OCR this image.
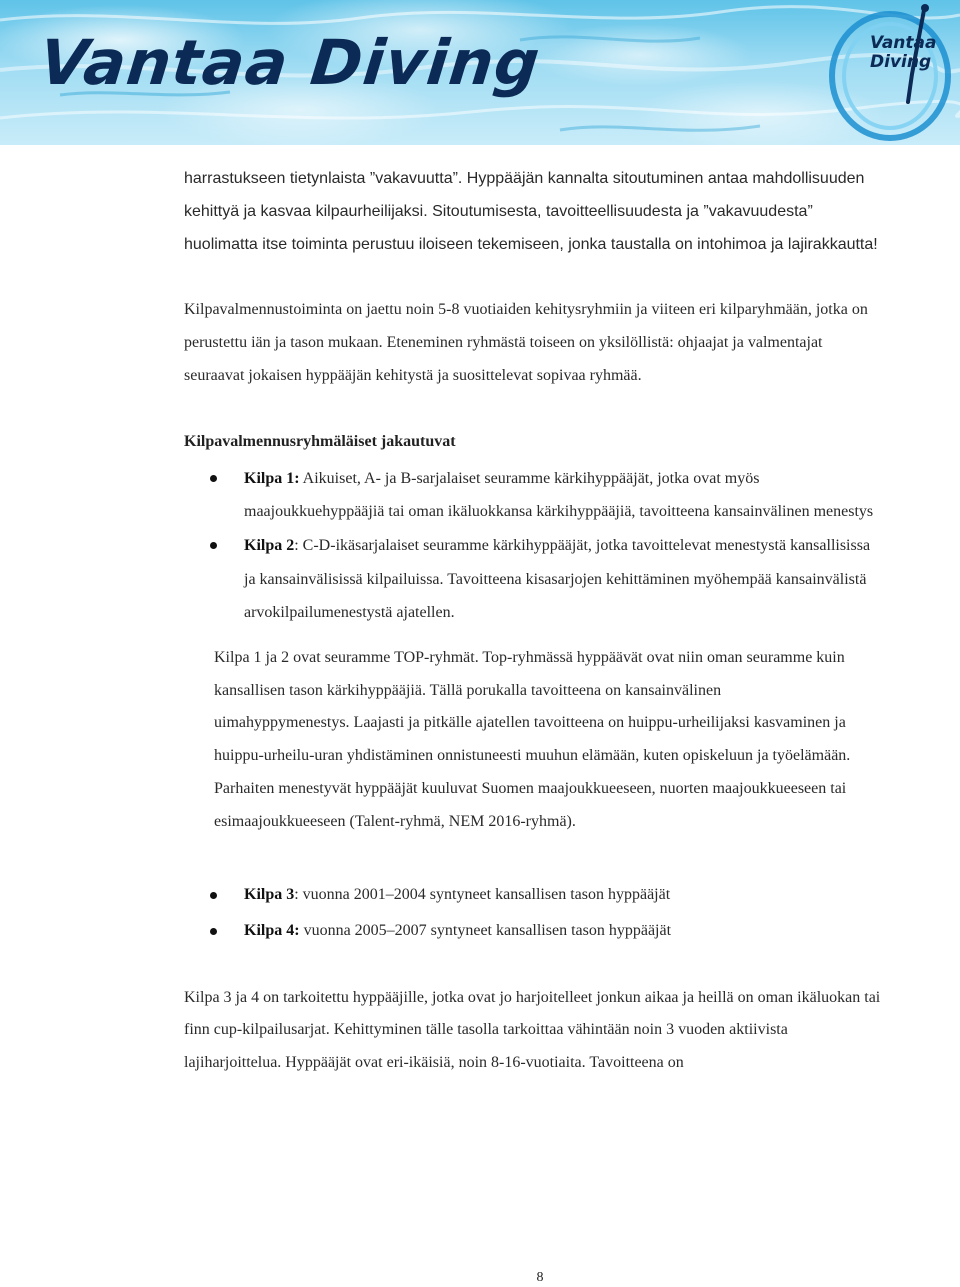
Vantaa Diving	Vantaa
Diving

harrastukseen tietynlaista ”vakavuutta”. Hyppääjän kannalta sitoutuminen antaa mahdollisuuden kehittyä ja kasvaa kilpaurheilijaksi. Sitoutumisesta, tavoitteellisuudesta ja ”vakavuudesta” huolimatta itse toiminta perustuu iloiseen tekemiseen, jonka taustalla on intohimoa ja lajirakkautta!

Kilpavalmennustoiminta on jaettu noin 5-8 vuotiaiden kehitysryhmiin ja viiteen eri kilparyhmään, jotka on perustettu iän ja tason mukaan. Eteneminen ryhmästä toiseen on yksilöllistä: ohjaajat ja valmentajat seuraavat jokaisen hyppääjän kehitystä ja suosittelevat sopivaa ryhmää.

Kilpavalmennusryhmäläiset jakautuvat

Kilpa 1: Aikuiset, A- ja B-sarjalaiset seuramme kärkihyppääjät, jotka ovat myös maajoukkuehyppääjiä tai oman ikäluokkansa kärkihyppääjiä, tavoitteena kansainvälinen menestys
Kilpa 2: C-D-ikäsarjalaiset seuramme kärkihyppääjät, jotka tavoittelevat menestystä kansallisissa ja kansainvälisissä kilpailuissa. Tavoitteena kisasarjojen kehittäminen myöhempää kansainvälistä arvokilpailumenestystä ajatellen.

Kilpa 1 ja 2 ovat seuramme TOP-ryhmät. Top-ryhmässä hyppäävät ovat niin oman seuramme kuin kansallisen tason kärkihyppääjiä. Tällä porukalla tavoitteena on kansainvälinen uimahyppymenestys. Laajasti ja pitkälle ajatellen tavoitteena on huippu-urheilijaksi kasvaminen ja huippu-urheilu-uran yhdistäminen onnistuneesti muuhun elämään, kuten opiskeluun ja työelämään. Parhaiten menestyvät hyppääjät kuuluvat Suomen maajoukkueeseen, nuorten maajoukkueeseen tai esimaajoukkueeseen (Talent-ryhmä, NEM 2016-ryhmä).

Kilpa 3: vuonna 2001–2004 syntyneet kansallisen tason hyppääjät
Kilpa 4: vuonna 2005–2007 syntyneet kansallisen tason hyppääjät

Kilpa 3 ja 4 on tarkoitettu hyppääjille, jotka ovat jo harjoitelleet jonkun aikaa ja heillä on oman ikäluokan tai finn cup-kilpailusarjat. Kehittyminen tälle tasolla tarkoittaa vähintään noin 3 vuoden aktiivista lajiharjoittelua. Hyppääjät ovat eri-ikäisiä, noin 8-16-vuotiaita. Tavoitteena on

8
